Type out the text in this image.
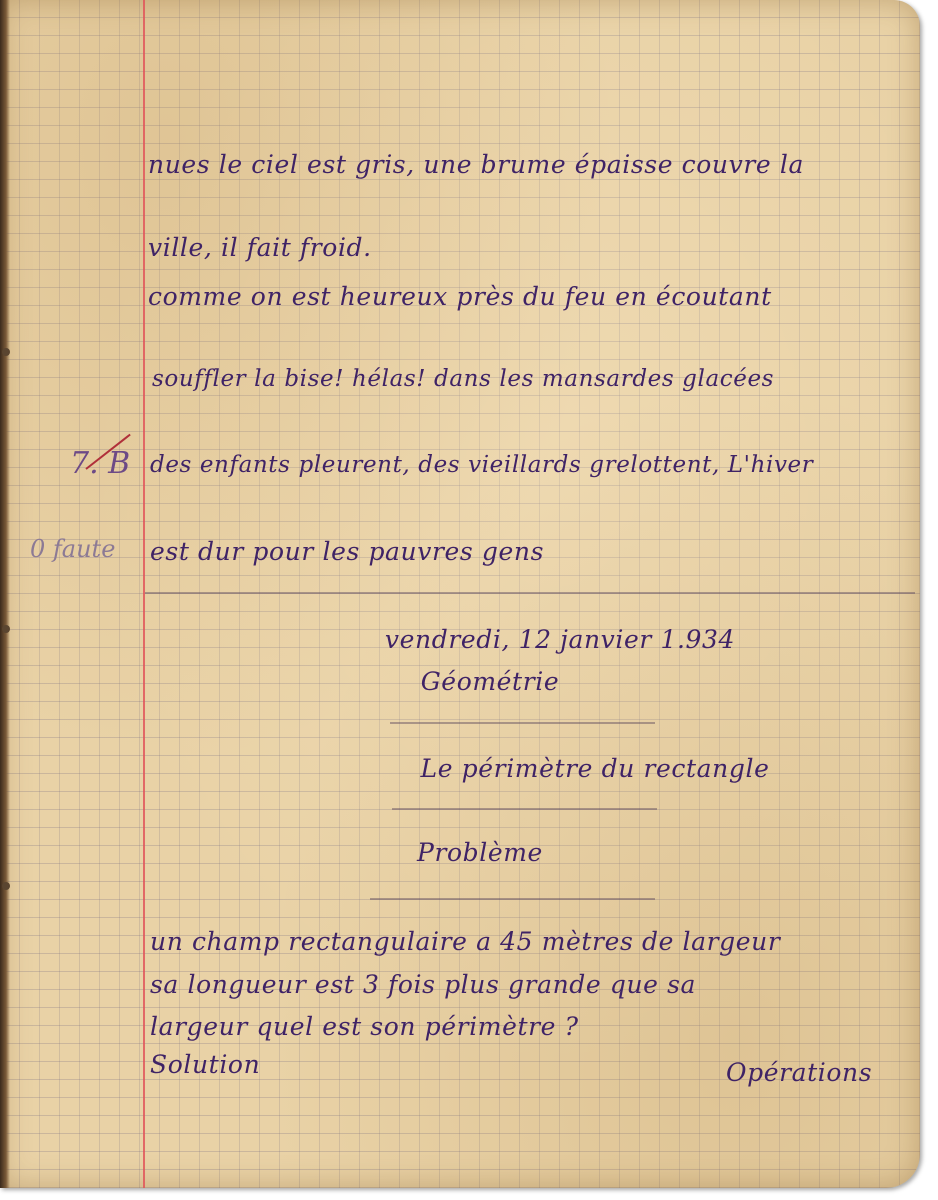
nues le ciel est gris, une brume épaisse couvre la
ville, il fait froid.
comme on est heureux près du feu en écoutant
souffler la bise! hélas! dans les mansardes glacées
des enfants pleurent, des vieillards grelottent, L'hiver
est dur pour les pauvres gens
7. B
0 faute
vendredi, 12 janvier 1.934
Géométrie
Le périmètre du rectangle
Problème
un champ rectangulaire a 45 mètres de largeur
sa longueur est 3 fois plus grande que sa
largeur quel est son périmètre ?
Solution	Opérations
